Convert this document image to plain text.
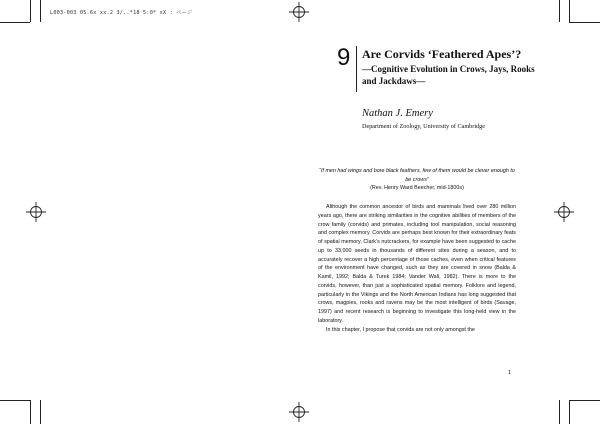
L003-003 05.6x xx.2 3/..*18 5:0* xX : ページ
9 Are Corvids ‘Feathered Apes’?
—Cognitive Evolution in Crows, Jays, Rooks and Jackdaws—
Nathan J. Emery
Department of Zoology, University of Cambridge
“If men had wings and bore black feathers, few of them would be clever enough to be crows”
(Rev. Henry Ward Beecher, mid-1800s)

Although the common ancestor of birds and mammals lived over 280 million years ago, there are striking similarities in the cognitive abilities of members of the crow family (corvids) and primates, including tool manipulation, social reasoning and complex memory. Corvids are perhaps best known for their extraordinary feats of spatial memory. Clark’s nutcrackers, for example have been suggested to cache up to 33,000 seeds in thousands of different sites during a season, and to accurately recover a high percentage of those caches, even when critical features of the environment have changed, such as they are covered in snow (Balda & Kamil, 1992; Balda & Turek 1984; Vander Wall, 1982). There is more to the corvids, however, than just a sophisticated spatial memory. Folklore and legend, particularly in the Vikings and the North American Indians has long suggested that crows, magpies, rooks and ravens may be the most intelligent of birds (Savage, 1997) and recent research is beginning to investigate this long-held view in the laboratory.

In this chapter, I propose that corvids are not only amongst the

1
